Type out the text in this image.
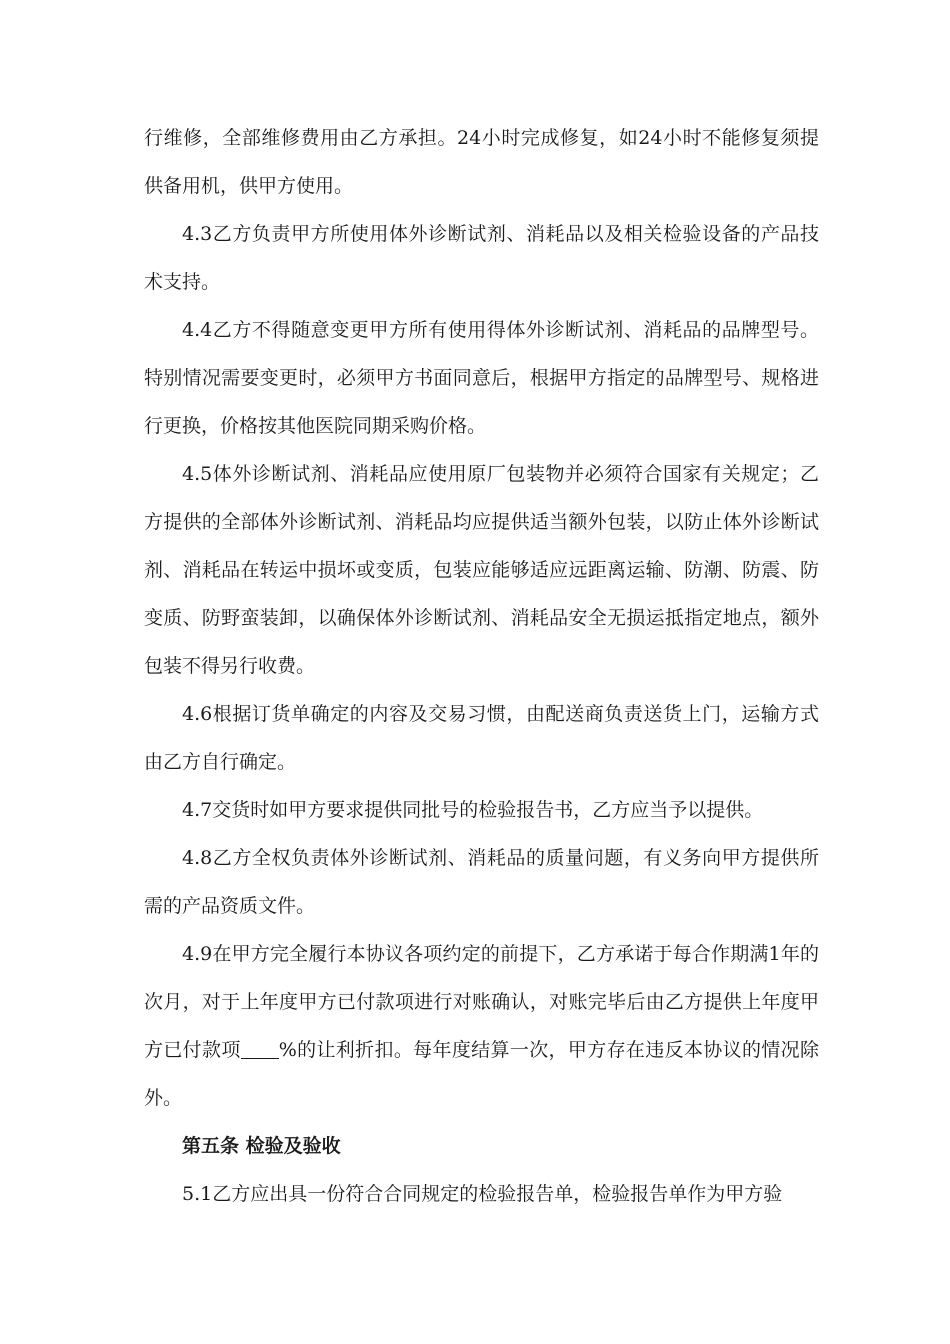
行维修，全部维修费用由乙方承担。24小时完成修复，如24小时不能修复须提供备用机，供甲方使用。

4.3乙方负责甲方所使用体外诊断试剂、消耗品以及相关检验设备的产品技术支持。

4.4乙方不得随意变更甲方所有使用得体外诊断试剂、消耗品的品牌型号。特别情况需要变更时，必须甲方书面同意后，根据甲方指定的品牌型号、规格进行更换，价格按其他医院同期采购价格。

4.5体外诊断试剂、消耗品应使用原厂包装物并必须符合国家有关规定；乙方提供的全部体外诊断试剂、消耗品均应提供适当额外包装，以防止体外诊断试剂、消耗品在转运中损坏或变质，包装应能够适应远距离运输、防潮、防震、防变质、防野蛮装卸，以确保体外诊断试剂、消耗品安全无损运抵指定地点，额外包装不得另行收费。

4.6根据订货单确定的内容及交易习惯，由配送商负责送货上门，运输方式由乙方自行确定。

4.7交货时如甲方要求提供同批号的检验报告书，乙方应当予以提供。

4.8乙方全权负责体外诊断试剂、消耗品的质量问题，有义务向甲方提供所需的产品资质文件。

4.9在甲方完全履行本协议各项约定的前提下，乙方承诺于每合作期满1年的次月，对于上年度甲方已付款项进行对账确认，对账完毕后由乙方提供上年度甲方已付款项 %的让利折扣。每年度结算一次，甲方存在违反本协议的情况除外。

第五条 检验及验收

5.1乙方应出具一份符合合同规定的检验报告单，检验报告单作为甲方验
